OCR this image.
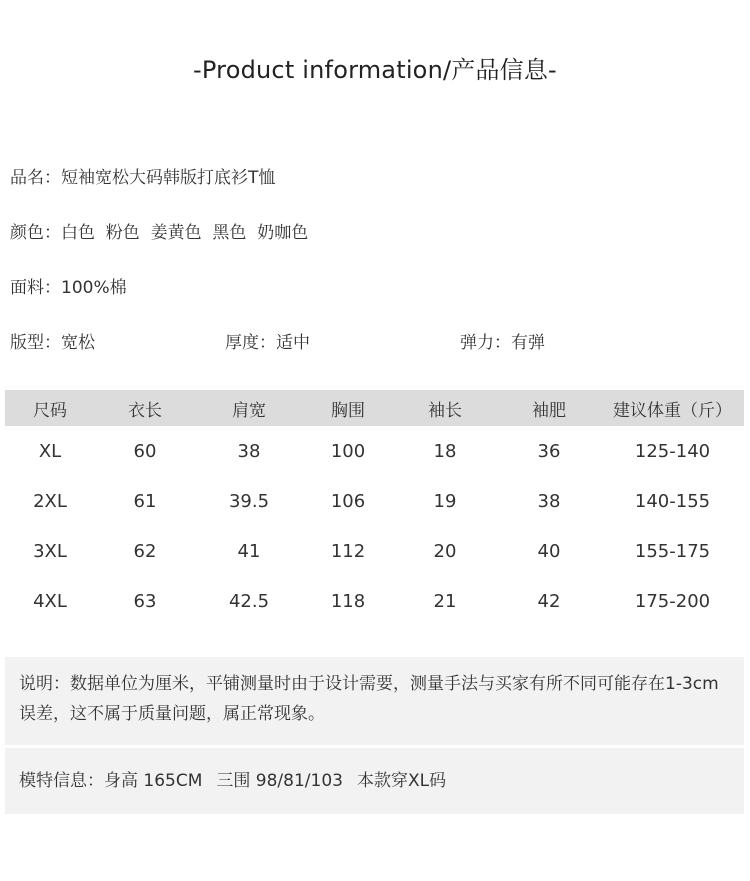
-Product information/产品信息-
品名：短袖宽松大码韩版打底衫T恤
颜色：白色  粉色  姜黄色  黑色  奶咖色
面料：100%棉
版型：宽松	厚度：适中	弹力：有弹
尺码	衣长	肩宽	胸围	袖长	袖肥	建议体重（斤）
XL	60	38	100	18	36	125-140
2XL	61	39.5	106	19	38	140-155
3XL	62	41	112	20	40	155-175
4XL	63	42.5	118	21	42	175-200
说明：数据单位为厘米，平铺测量时由于设计需要，测量手法与买家有所不同可能存在1-3cm误差，这不属于质量问题，属正常现象。
模特信息：身高 165CM 三围 98/81/103 本款穿XL码
